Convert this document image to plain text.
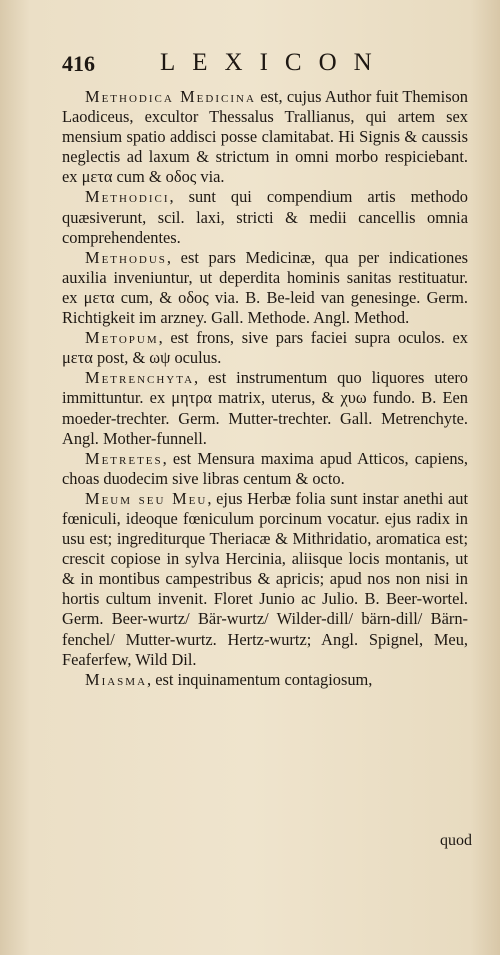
416	LEXICON

Methodica Medicina est, cujus Author fuit Themison Laodiceus, excultor Thessalus Trallianus, qui artem sex mensium spatio addisci posse clamitabat. Hi Signis & caussis neglectis ad laxum & strictum in omni morbo respiciebant. ex μετα cum & οδος via.

Methodici, sunt qui compendium artis methodo quæsiverunt, scil. laxi, stricti & medii cancellis omnia comprehendentes.

Methodus, est pars Medicinæ, qua per indicationes auxilia inveniuntur, ut deperdita hominis sanitas restituatur. ex μετα cum, & οδος via. B. Be-leid van genesinge. Germ. Richtigkeit im arzney. Gall. Methode. Angl. Method.

Metopum, est frons, sive pars faciei supra oculos. ex μετα post, & ωψ oculus.

Metrenchyta, est instrumentum quo liquores utero immittuntur. ex μητρα matrix, uterus, & χυω fundo. B. Een moeder-trechter. Germ. Mutter-trechter. Gall. Metrenchyte. Angl. Mother-funnell.

Metretes, est Mensura maxima apud Atticos, capiens, choas duodecim sive libras centum & octo.

Meum seu Meu, ejus Herbæ folia sunt instar anethi aut fœniculi, ideoque fœniculum porcinum vocatur. ejus radix in usu est; ingrediturque Theriacæ & Mithridatio, aromatica est; crescit copiose in sylva Hercinia, aliisque locis montanis, ut & in montibus campestribus & apricis; apud nos non nisi in hortis cultum invenit. Floret Junio ac Julio. B. Beer-wortel. Germ. Beer-wurtz/ Bär-wurtz/ Wilder-dill/ bärn-dill/ Bärn-fenchel/ Mutter-wurtz. Hertz-wurtz; Angl. Spignel, Meu, Feaferfew, Wild Dil.

Miasma, est inquinamentum contagiosum,

quod
